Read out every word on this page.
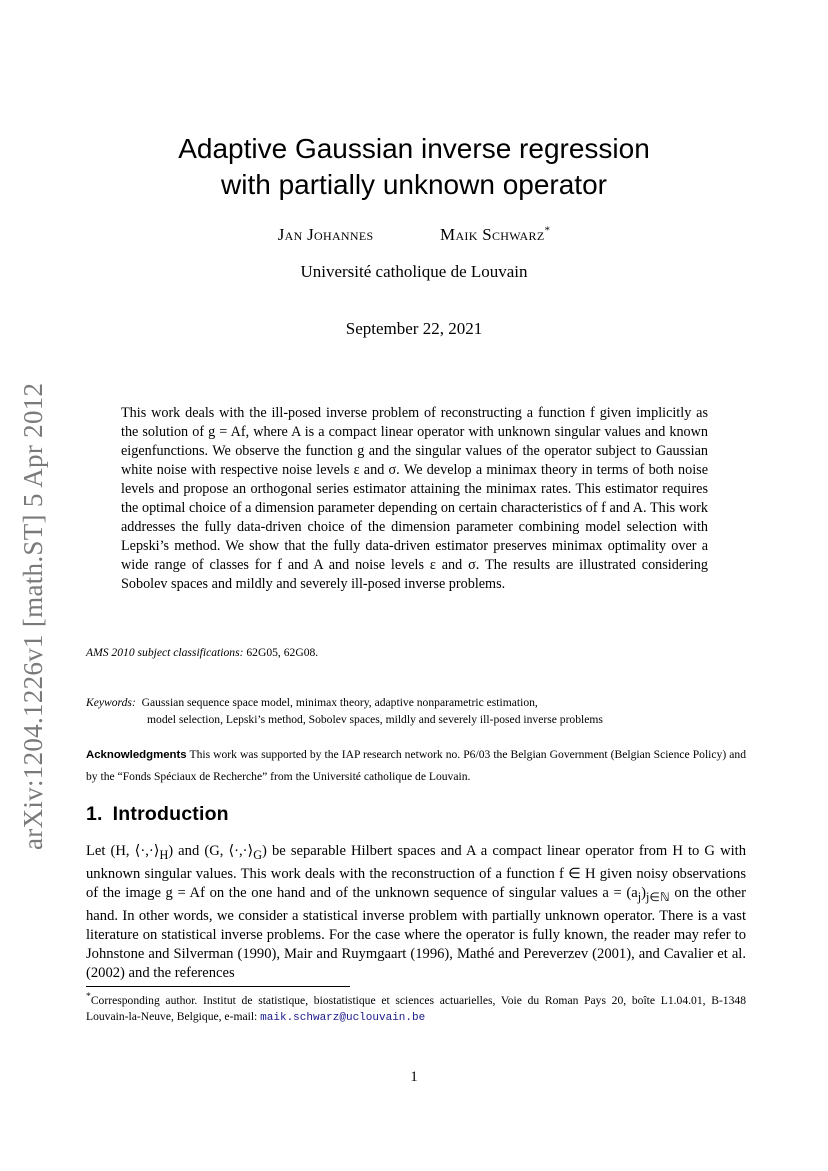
arXiv:1204.1226v1 [math.ST] 5 Apr 2012
Adaptive Gaussian inverse regression
with partially unknown operator
Jan Johannes	Maik Schwarz*
Université catholique de Louvain
September 22, 2021
This work deals with the ill-posed inverse problem of reconstructing a function f given implicitly as the solution of g = Af, where A is a compact linear operator with unknown singular values and known eigenfunctions. We observe the function g and the singular values of the operator subject to Gaussian white noise with respective noise levels ε and σ. We develop a minimax theory in terms of both noise levels and propose an orthogonal series estimator attaining the minimax rates. This estimator requires the optimal choice of a dimension parameter depending on certain characteristics of f and A. This work addresses the fully data-driven choice of the dimension parameter combining model selection with Lepski’s method. We show that the fully data-driven estimator preserves minimax optimality over a wide range of classes for f and A and noise levels ε and σ. The results are illustrated considering Sobolev spaces and mildly and severely ill-posed inverse problems.
AMS 2010 subject classifications: 62G05, 62G08.
Keywords: Gaussian sequence space model, minimax theory, adaptive nonparametric estimation,
model selection, Lepski’s method, Sobolev spaces, mildly and severely ill-posed inverse problems
Acknowledgments This work was supported by the IAP research network no. P6/03 the Belgian Government (Belgian Science Policy) and by the “Fonds Spéciaux de Recherche” from the Université catholique de Louvain.
1. Introduction
Let (H, $⟨\cdot,\cdot⟩_H$) and (G, $⟨\cdot,\cdot⟩_G$) be separable Hilbert spaces and A a compact linear operator from H to G with unknown singular values. This work deals with the reconstruction of a function f ∈ H given noisy observations of the image g = Af on the one hand and of the unknown sequence of singular values $a = (a_j)_{j\in ℕ}$ on the other hand. In other words, we consider a statistical inverse problem with partially unknown operator. There is a vast literature on statistical inverse problems. For the case where the operator is fully known, the reader may refer to Johnstone and Silverman (1990), Mair and Ruymgaart (1996), Mathé and Pereverzev (2001), and Cavalier et al. (2002) and the references
*Corresponding author. Institut de statistique, biostatistique et sciences actuarielles, Voie du Roman Pays 20, boîte L1.04.01, B-1348 Louvain-la-Neuve, Belgique, e-mail: maik.schwarz@uclouvain.be
1
